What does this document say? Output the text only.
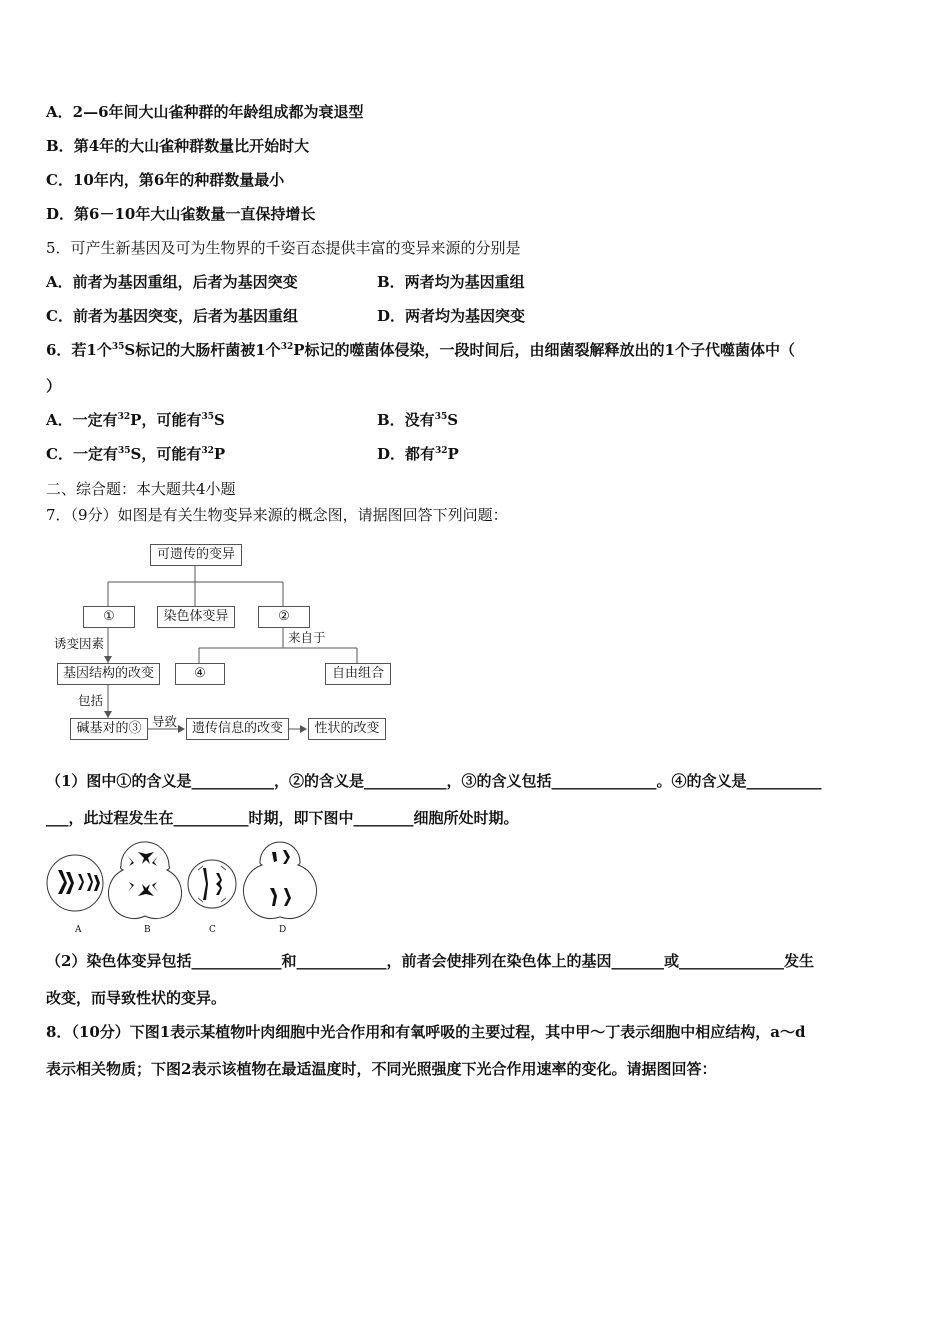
A．2—6年间大山雀种群的年龄组成都为衰退型
B．第4年的大山雀种群数量比开始时大
C．10年内，第6年的种群数量最小
D．第6－10年大山雀数量一直保持增长
5．可产生新基因及可为生物界的千姿百态提供丰富的变异来源的分别是
A．前者为基因重组，后者为基因突变	B．两者均为基因重组
C．前者为基因突变，后者为基因重组	D．两者均为基因突变
6．若1个$^{35}$S标记的大肠杆菌被1个$^{32}$P标记的噬菌体侵染，一段时间后，由细菌裂解释放出的1个子代噬菌体中（
）
A．一定有$^{32}$P，可能有$^{35}$S	B．没有$^{35}$S
C．一定有$^{35}$S，可能有$^{32}$P	D．都有$^{32}$P
二、综合题：本大题共4小题
7．（9分）如图是有关生物变异来源的概念图，请据图回答下列问题：
可遗传的变异
①	染色体变异	②
诱变因素	来自于
基因结构的改变	④	自由组合
包括
碱基对的③ 导致	遗传信息的改变	性状的改变
（1）图中①的含义是___________，②的含义是___________，③的含义包括______________。④的含义是__________
___，此过程发生在__________时期，即下图中________细胞所处时期。
A	B	C	D
（2）染色体变异包括____________和____________，前者会使排列在染色体上的基因_______或______________发生
改变，而导致性状的变异。
8．（10分）下图1表示某植物叶肉细胞中光合作用和有氧呼吸的主要过程，其中甲～丁表示细胞中相应结构，a～d
表示相关物质；下图2表示该植物在最适温度时，不同光照强度下光合作用速率的变化。请据图回答：
